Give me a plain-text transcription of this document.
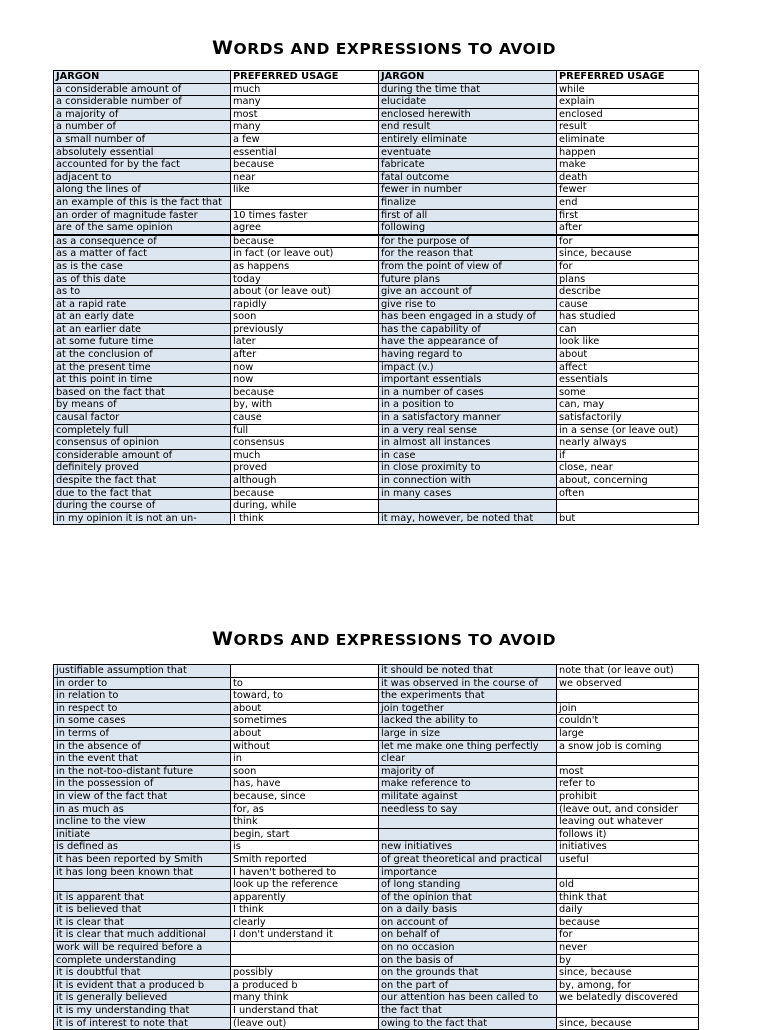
WORDS AND EXPRESSIONS TO AVOID
JARGON	PREFERRED USAGE	JARGON	PREFERRED USAGE
a considerable amount of	much	during the time that	while
a considerable number of	many	elucidate	explain
a majority of	most	enclosed herewith	enclosed
a number of	many	end result	result
a small number of	a few	entirely eliminate	eliminate
absolutely essential	essential	eventuate	happen
accounted for by the fact	because	fabricate	make
adjacent to	near	fatal outcome	death
along the lines of	like	fewer in number	fewer
an example of this is the fact that		finalize	end
an order of magnitude faster	10 times faster	first of all	first
are of the same opinion	agree	following	after
as a consequence of	because	for the purpose of	for
as a matter of fact	in fact (or leave out)	for the reason that	since, because
as is the case	as happens	from the point of view of	for
as of this date	today	future plans	plans
as to	about (or leave out)	give an account of	describe
at a rapid rate	rapidly	give rise to	cause
at an early date	soon	has been engaged in a study of	has studied
at an earlier date	previously	has the capability of	can
at some future time	later	have the appearance of	look like
at the conclusion of	after	having regard to	about
at the present time	now	impact (v.)	affect
at this point in time	now	important essentials	essentials
based on the fact that	because	in a number of cases	some
by means of	by, with	in a position to	can, may
causal factor	cause	in a satisfactory manner	satisfactorily
completely full	full	in a very real sense	in a sense (or leave out)
consensus of opinion	consensus	in almost all instances	nearly always
considerable amount of	much	in case	if
definitely proved	proved	in close proximity to	close, near
despite the fact that	although	in connection with	about, concerning
due to the fact that	because	in many cases	often
during the course of	during, while		
in my opinion it is not an un-	I think	it may, however, be noted that	but
WORDS AND EXPRESSIONS TO AVOID
justifiable assumption that		it should be noted that	note that (or leave out)
in order to	to	it was observed in the course of	we observed
in relation to	toward, to	the experiments that	
in respect to	about	join together	join
in some cases	sometimes	lacked the ability to	couldn't
in terms of	about	large in size	large
in the absence of	without	let me make one thing perfectly	a snow job is coming
in the event that	in	clear	
in the not-too-distant future	soon	majority of	most
in the possession of	has, have	make reference to	refer to
in view of the fact that	because, since	militate against	prohibit
in as much as	for, as	needless to say	(leave out, and consider
incline to the view	think		leaving out whatever
initiate	begin, start		follows it)
is defined as	is	new initiatives	initiatives
it has been reported by Smith	Smith reported	of great theoretical and practical	useful
it has long been known that	I haven't bothered to	importance	
	look up the reference	of long standing	old
it is apparent that	apparently	of the opinion that	think that
it is believed that	I think	on a daily basis	daily
it is clear that	clearly	on account of	because
it is clear that much additional	I don't understand it	on behalf of	for
work will be required before a		on no occasion	never
complete understanding		on the basis of	by
it is doubtful that	possibly	on the grounds that	since, because
it is evident that a produced b	a produced b	on the part of	by, among, for
it is generally believed	many think	our attention has been called to	we belatedly discovered
it is my understanding that	I understand that	the fact that	
it is of interest to note that	(leave out)	owing to the fact that	since, because
